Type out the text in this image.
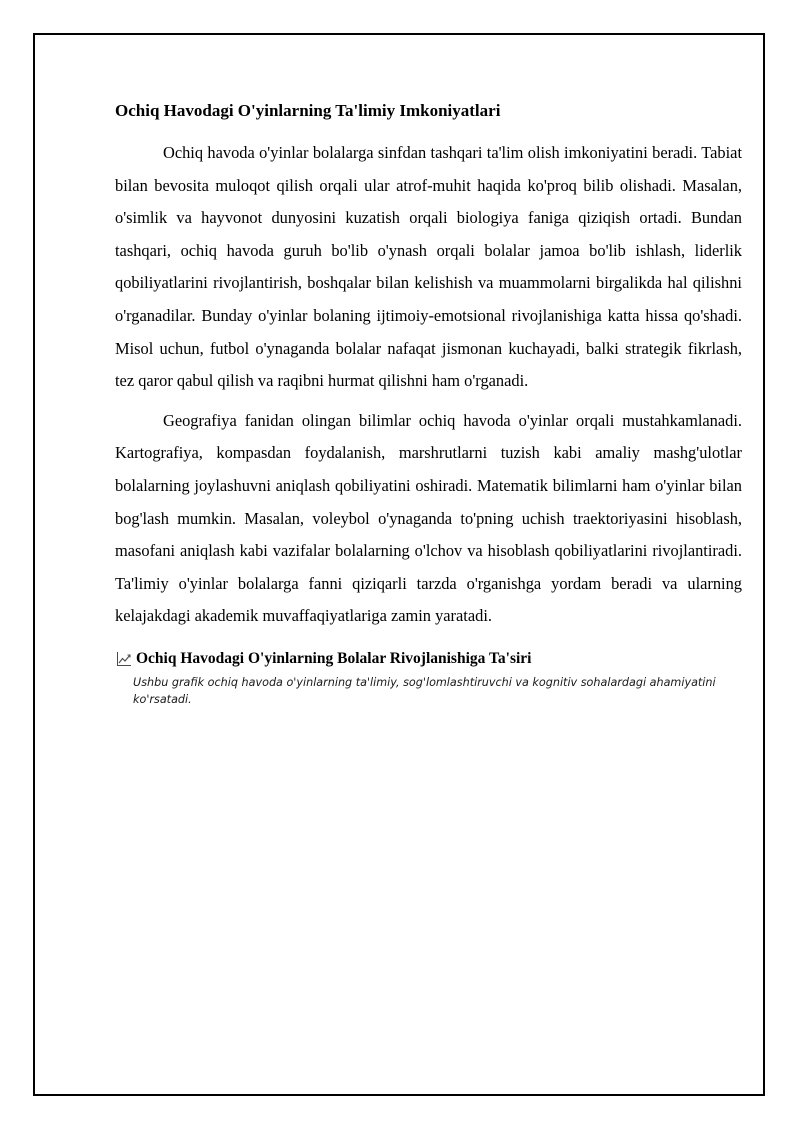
Ochiq Havodagi O'yinlarning Ta'limiy Imkoniyatlari

Ochiq havoda o'yinlar bolalarga sinfdan tashqari ta'lim olish imkoniyatini beradi. Tabiat bilan bevosita muloqot qilish orqali ular atrof-muhit haqida ko'proq bilib olishadi. Masalan, o'simlik va hayvonot dunyosini kuzatish orqali biologiya faniga qiziqish ortadi. Bundan tashqari, ochiq havoda guruh bo'lib o'ynash orqali bolalar jamoa bo'lib ishlash, liderlik qobiliyatlarini rivojlantirish, boshqalar bilan kelishish va muammolarni birgalikda hal qilishni o'rganadilar. Bunday o'yinlar bolaning ijtimoiy-emotsional rivojlanishiga katta hissa qo'shadi. Misol uchun, futbol o'ynaganda bolalar nafaqat jismonan kuchayadi, balki strategik fikrlash, tez qaror qabul qilish va raqibni hurmat qilishni ham o'rganadi.

Geografiya fanidan olingan bilimlar ochiq havoda o'yinlar orqali mustahkamlanadi. Kartografiya, kompasdan foydalanish, marshrutlarni tuzish kabi amaliy mashg'ulotlar bolalarning joylashuvni aniqlash qobiliyatini oshiradi. Matematik bilimlarni ham o'yinlar bilan bog'lash mumkin. Masalan, voleybol o'ynaganda to'pning uchish traektoriyasini hisoblash, masofani aniqlash kabi vazifalar bolalarning o'lchov va hisoblash qobiliyatlarini rivojlantiradi. Ta'limiy o'yinlar bolalarga fanni qiziqarli tarzda o'rganishga yordam beradi va ularning kelajakdagi akademik muvaffaqiyatlariga zamin yaratadi.

Ochiq Havodagi O'yinlarning Bolalar Rivojlanishiga Ta'siri
Ushbu grafik ochiq havoda o'yinlarning ta'limiy, sog'lomlashtiruvchi va kognitiv sohalardagi ahamiyatini ko'rsatadi.
